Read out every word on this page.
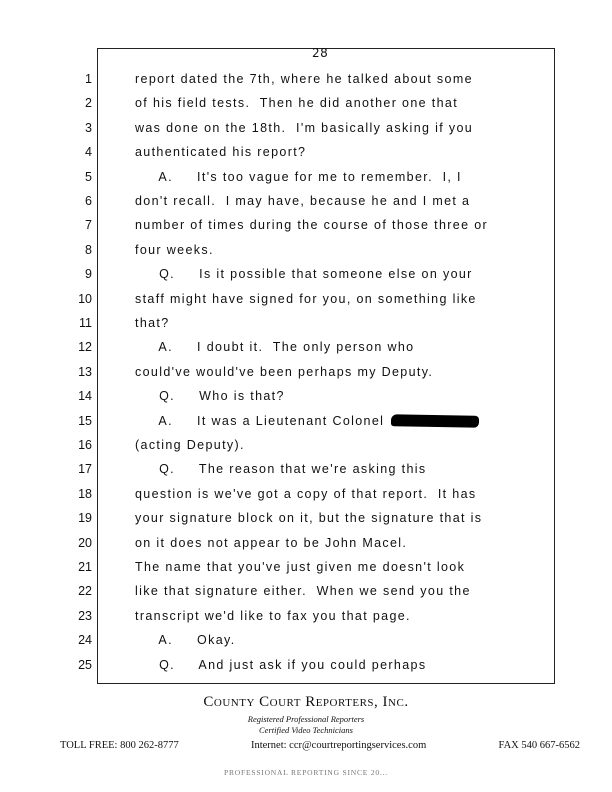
28
1	report dated the 7th, where he talked about some
2	of his field tests.  Then he did another one that
3	was done on the 18th.  I'm basically asking if you
4	authenticated his report?
5	A.     It's too vague for me to remember.  I, I
6	don't recall.  I may have, because he and I met a
7	number of times during the course of those three or
8	four weeks.
9	Q.     Is it possible that someone else on your
10	staff might have signed for you, on something like
11	that?
12	A.     I doubt it.  The only person who
13	could've would've been perhaps my Deputy.
14	Q.     Who is that?
15	A.     It was a Lieutenant Colonel
16	(acting Deputy).
17	Q.     The reason that we're asking this
18	question is we've got a copy of that report.  It has
19	your signature block on it, but the signature that is
20	on it does not appear to be John Macel.
21	The name that you've just given me doesn't look
22	like that signature either.  When we send you the
23	transcript we'd like to fax you that page.
24	A.     Okay.
25	Q.     And just ask if you could perhaps
County Court Reporters, Inc.
Registered Professional Reporters
Certified Video Technicians
TOLL FREE: 800 262-8777	Internet: ccr@courtreportingservices.com	FAX 540 667-6562
PROFESSIONAL REPORTING SINCE 20...
